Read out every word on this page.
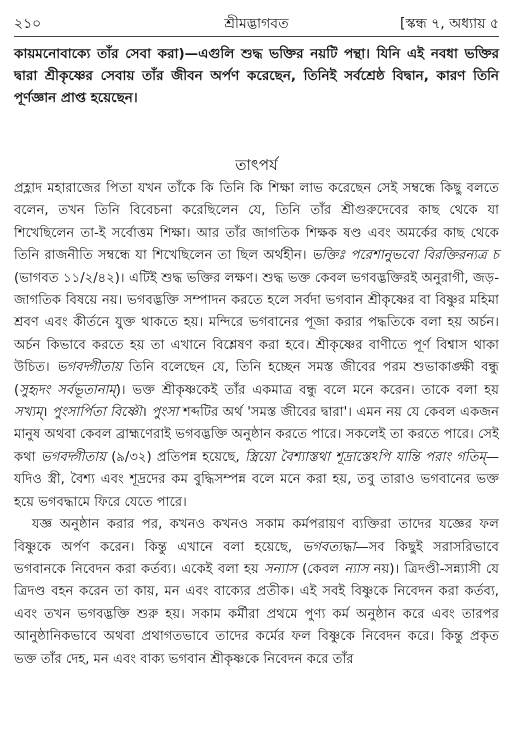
২১০	শ্রীমদ্ভাগবত	[স্কন্ধ ৭, অধ্যায় ৫
কায়মনোবাক্যে তাঁর সেবা করা)—এগুলি শুদ্ধ ভক্তির নয়টি পন্থা। যিনি এই নবধা ভক্তির দ্বারা শ্রীকৃষ্ণের সেবায় তাঁর জীবন অর্পণ করেছেন, তিনিই সর্বশ্রেষ্ঠ বিদ্বান, কারণ তিনি পূর্ণজ্ঞান প্রাপ্ত হয়েছেন।
তাৎপর্য

প্রহ্লাদ মহারাজের পিতা যখন তাঁকে কি তিনি কি শিক্ষা লাভ করেছেন সেই সম্বন্ধে কিছু বলতে বলেন, তখন তিনি বিবেচনা করেছিলেন যে, তিনি তাঁর শ্রীগুরুদেবের কাছ থেকে যা শিখেছিলেন তা-ই সর্বোত্তম শিক্ষা। আর তাঁর জাগতিক শিক্ষক ষণ্ড এবং অমর্কের কাছ থেকে তিনি রাজনীতি সম্বন্ধে যা শিখেছিলেন তা ছিল অর্থহীন। ভক্তিঃ পরেশানুভবো বিরক্তিরন্যত্র চ (ভাগবত ১১/২/৪২)। এটিই শুদ্ধ ভক্তির লক্ষণ। শুদ্ধ ভক্ত কেবল ভগবদ্ভক্তিরই অনুরাগী, জড়-জাগতিক বিষয়ে নয়। ভগবদ্ভক্তি সম্পাদন করতে হলে সর্বদা ভগবান শ্রীকৃষ্ণের বা বিষ্ণুর মহিমা শ্রবণ এবং কীর্তনে যুক্ত থাকতে হয়। মন্দিরে ভগবানের পূজা করার পদ্ধতিকে বলা হয় অর্চন। অর্চন কিভাবে করতে হয় তা এখানে বিশ্লেষণ করা হবে। শ্রীকৃষ্ণের বাণীতে পূর্ণ বিশ্বাস থাকা উচিত। ভগবদ্গীতায় তিনি বলেছেন যে, তিনি হচ্ছেন সমস্ত জীবের পরম শুভাকাঙ্ক্ষী বন্ধু (সুহৃদং সর্বভূতানাম্)। ভক্ত শ্রীকৃষ্ণকেই তাঁর একমাত্র বন্ধু বলে মনে করেন। তাকে বলা হয় সখ্যম্। পুংসার্পিতা বিষ্ণৌ। পুংসা শব্দটির অর্থ 'সমস্ত জীবের দ্বারা'। এমন নয় যে কেবল একজন মানুষ অথবা কেবল ব্রাহ্মণেরাই ভগবদ্ভক্তি অনুষ্ঠান করতে পারে। সকলেই তা করতে পারে। সেই কথা ভগবদ্গীতায় (৯/৩২) প্রতিপন্ন হয়েছে, স্ত্রিয়ো বৈশ্যাস্তথা শূদ্রাস্তেঽপি যান্তি পরাং গতিম্—যদিও স্ত্রী, বৈশ্য এবং শূদ্রদের কম বুদ্ধিসম্পন্ন বলে মনে করা হয়, তবু তারাও ভগবানের ভক্ত হয়ে ভগবদ্ধামে ফিরে যেতে পারে।

যজ্ঞ অনুষ্ঠান করার পর, কখনও কখনও সকাম কর্মপরায়ণ ব্যক্তিরা তাদের যজ্ঞের ফল বিষ্ণুকে অর্পণ করেন। কিন্তু এখানে বলা হয়েছে, ভগবত্যদ্ধা—সব কিছুই সরাসরিভাবে ভগবানকে নিবেদন করা কর্তব্য। একেই বলা হয় সন্যাস (কেবল ন্যাস নয়)। ত্রিদণ্ডী-সন্ন্যাসী যে ত্রিদণ্ড বহন করেন তা কায়, মন এবং বাক্যের প্রতীক। এই সবই বিষ্ণুকে নিবেদন করা কর্তব্য, এবং তখন ভগবদ্ভক্তি শুরু হয়। সকাম কর্মীরা প্রথমে পুণ্য কর্ম অনুষ্ঠান করে এবং তারপর আনুষ্ঠানিকভাবে অথবা প্রথাগতভাবে তাদের কর্মের ফল বিষ্ণুকে নিবেদন করে। কিন্তু প্রকৃত ভক্ত তাঁর দেহ, মন এবং বাক্য ভগবান শ্রীকৃষ্ণকে নিবেদন করে তাঁর
